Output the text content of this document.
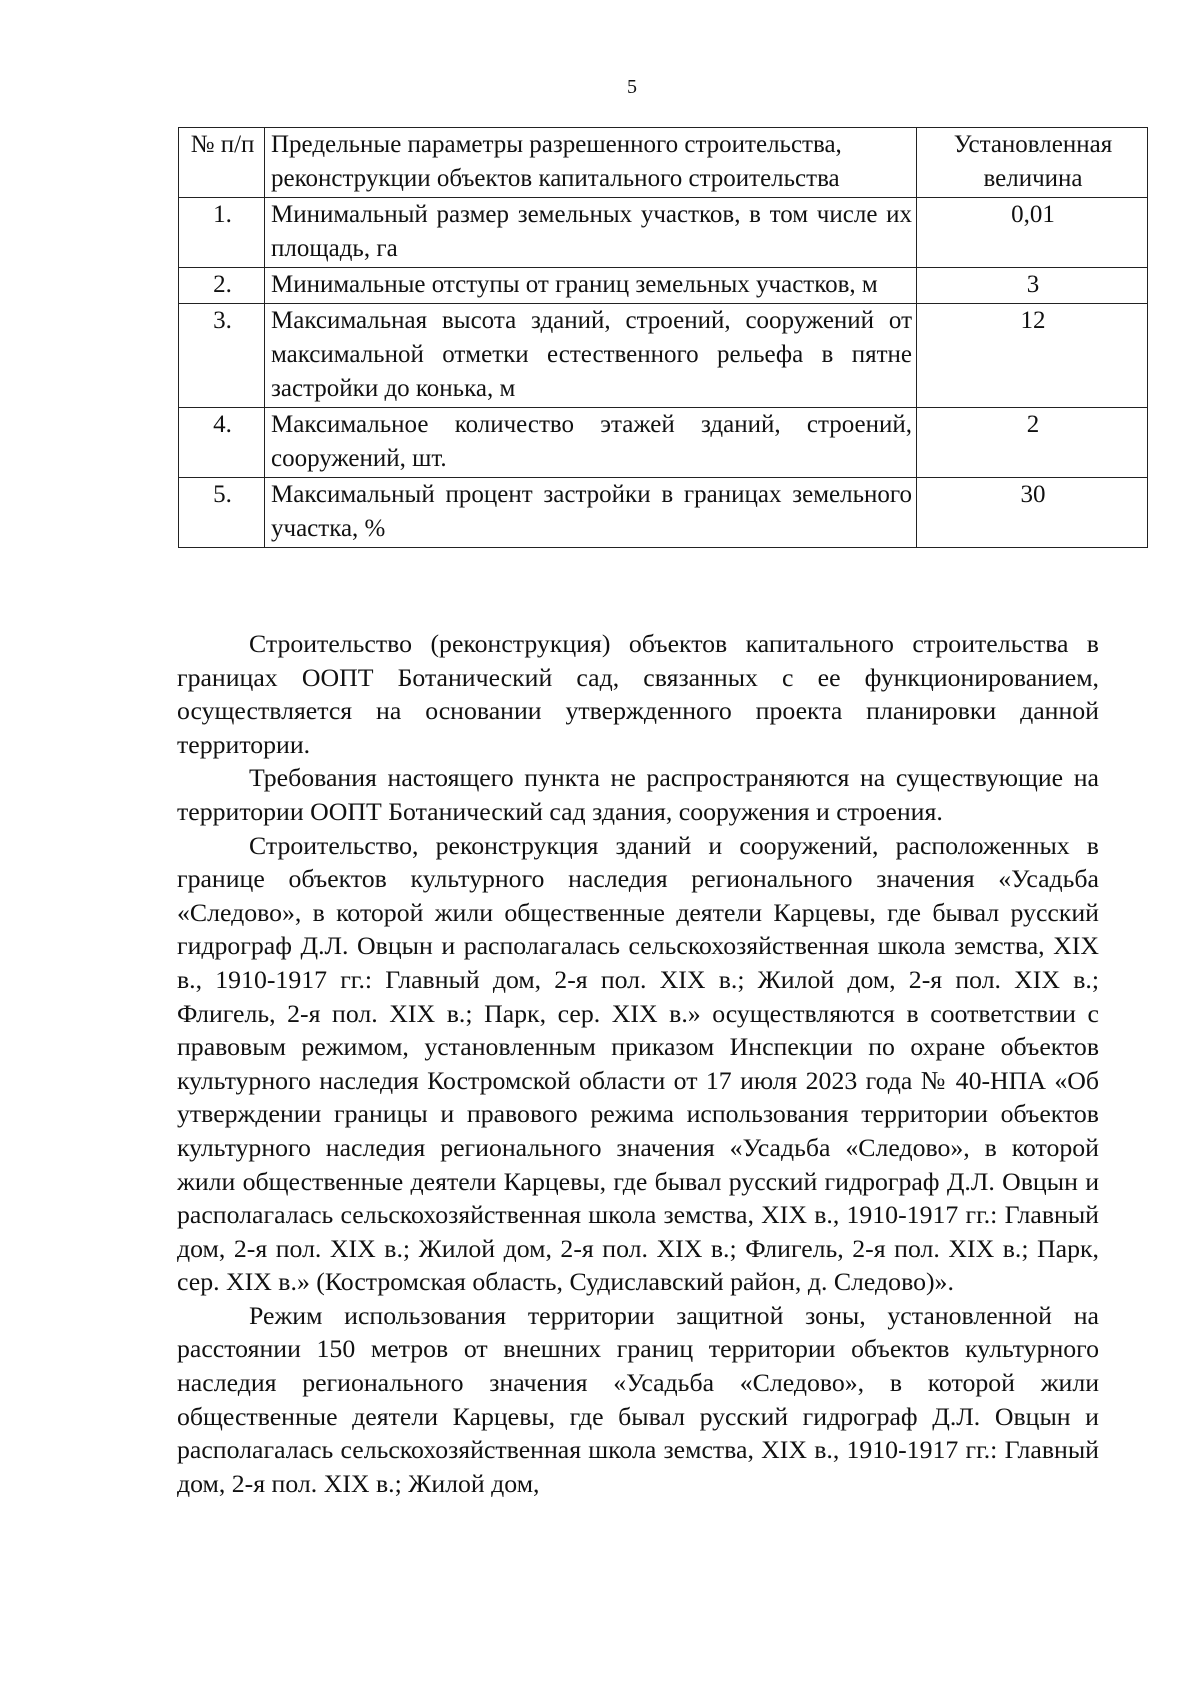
5
№ п/п	Предельные параметры разрешенного строительства, реконструкции объектов капитального строительства	Установленная величина
1.	Минимальный размер земельных участков, в том числе их площадь, га	0,01
2.	Минимальные отступы от границ земельных участков, м	3
3.	Максимальная высота зданий, строений, сооружений от максимальной отметки естественного рельефа в пятне застройки до конька, м	12
4.	Максимальное количество этажей зданий, строений, сооружений, шт.	2
5.	Максимальный процент застройки в границах земельного участка, %	30

Строительство (реконструкция) объектов капитального строительства в границах ООПТ Ботанический сад, связанных с ее функционированием, осуществляется на основании утвержденного проекта планировки данной территории.

Требования настоящего пункта не распространяются на существующие на территории ООПТ Ботанический сад здания, сооружения и строения.

Строительство, реконструкция зданий и сооружений, расположенных в границе объектов культурного наследия регионального значения «Усадьба «Следово», в которой жили общественные деятели Карцевы, где бывал русский гидрограф Д.Л. Овцын и располагалась сельскохозяйственная школа земства, XIX в., 1910-1917 гг.: Главный дом, 2-я пол. XIX в.; Жилой дом, 2-я пол. XIX в.; Флигель, 2-я пол. XIX в.; Парк, сер. XIX в.» осуществляются в соответствии с правовым режимом, установленным приказом Инспекции по охране объектов культурного наследия Костромской области от 17 июля 2023 года № 40-НПА «Об утверждении границы и правового режима использования территории объектов культурного наследия регионального значения «Усадьба «Следово», в которой жили общественные деятели Карцевы, где бывал русский гидрограф Д.Л. Овцын и располагалась сельскохозяйственная школа земства, XIX в., 1910-1917 гг.: Главный дом, 2-я пол. XIX в.; Жилой дом, 2-я пол. XIX в.; Флигель, 2-я пол. XIX в.; Парк, сер. XIX в.» (Костромская область, Судиславский район, д. Следово)».

Режим использования территории защитной зоны, установленной на расстоянии 150 метров от внешних границ территории объектов культурного наследия регионального значения «Усадьба «Следово», в которой жили общественные деятели Карцевы, где бывал русский гидрограф Д.Л. Овцын и располагалась сельскохозяйственная школа земства, XIX в., 1910-1917 гг.: Главный дом, 2-я пол. XIX в.; Жилой дом,
